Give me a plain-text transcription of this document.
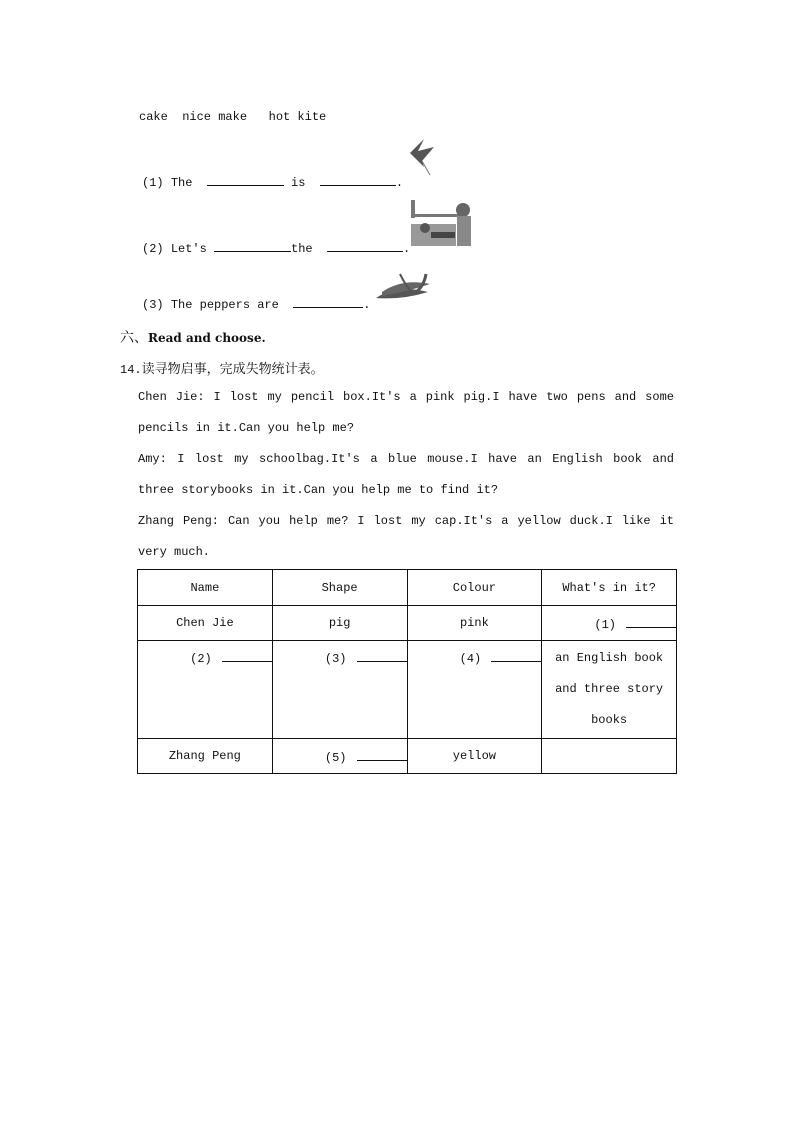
cake  nice make   hot kite
(1) The	is	.
(2) Let's	the	.
(3) The peppers are	.
六、Read and choose.
14.读寻物启事，完成失物统计表。
Chen Jie: I lost my pencil box.It's a pink pig.I have two pens and some pencils in it.Can you help me?
Amy: I lost my schoolbag.It's a blue mouse.I have an English book and three storybooks in it.Can you help me to find it?
Zhang Peng: Can you help me? I lost my cap.It's a yellow duck.I like it very much.
Name	Shape	Colour	What's in it?
Chen Jie	pig	pink	(1)
(2)	(3)	(4)	an English book and three story books
Zhang Peng	(5)	yellow	
